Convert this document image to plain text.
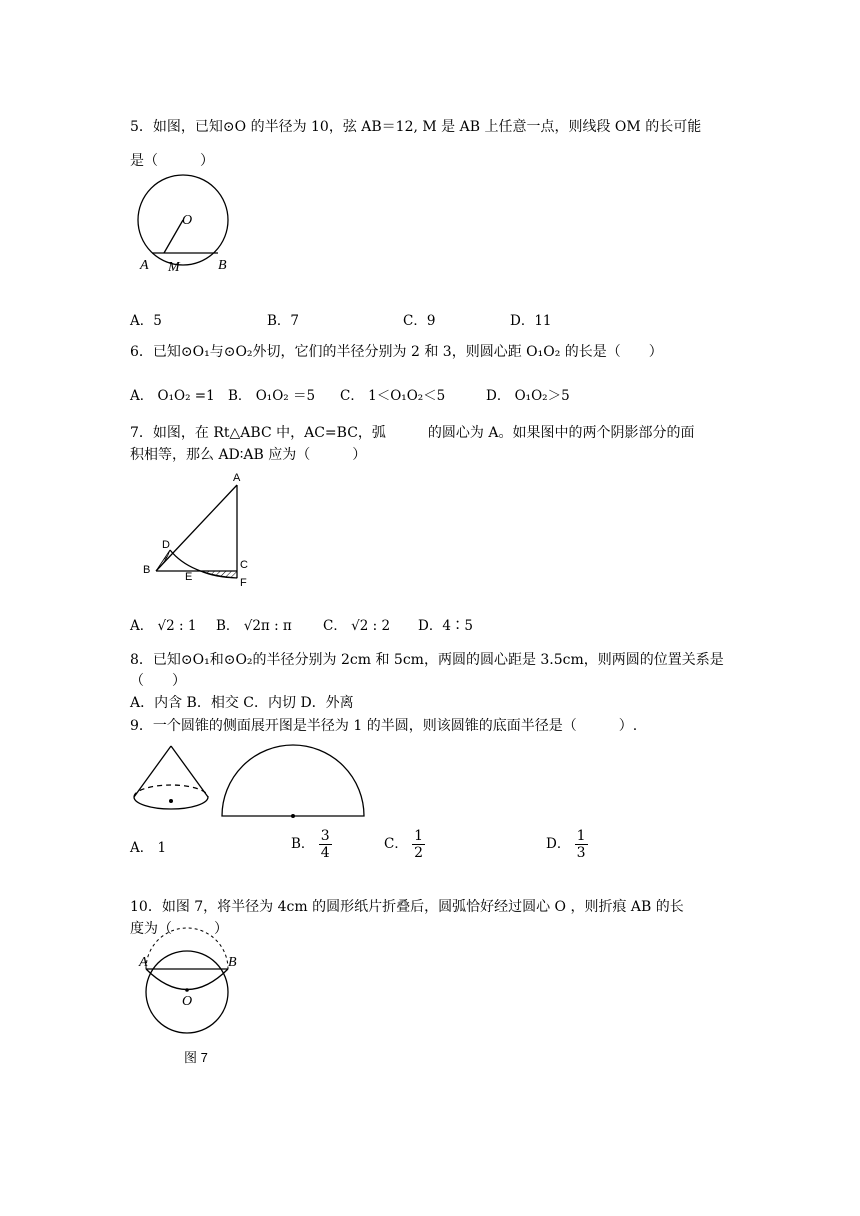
5．如图，已知⊙O 的半径为 10，弦 AB＝12, M 是 AB 上任意一点，则线段 OM 的长可能
是（　　　）
O
A M	B
A．5	B．7	C．9	D．11
6．已知⊙O₁与⊙O₂外切，它们的半径分别为 2 和 3，则圆心距 O₁O₂ 的长是（　　）
A． O₁O₂ =1 B． O₁O₂ ＝5 C． 1＜O₁O₂＜5	D． O₁O₂＞5
7．如图，在 Rt△ABC 中，AC=BC，弧　　　的圆心为 A。如果图中的两个阴影部分的面
积相等，那么 AD∶AB 应为（　　　）
A
D
B
E
C
F
A． √2 : 1 B． √2π : π C． √2 : 2 D．4∶5
8．已知⊙O₁和⊙O₂的半径分别为 2cm 和 5cm，两圆的圆心距是 3.5cm，则两圆的位置关系是
（　　）
A．内含 B．相交 C．内切 D．外离
9．一个圆锥的侧面展开图是半径为 1 的半圆，则该圆锥的底面半径是（　　　）.
A． 1	B． $\frac{3}{4}$	C． $\frac{1}{2}$	D． $\frac{1}{3}$
10．如图 7，将半径为 4cm 的圆形纸片折叠后，圆弧恰好经过圆心 O ，则折痕 AB 的长
度为（　　　）
A	B
O
图 7
